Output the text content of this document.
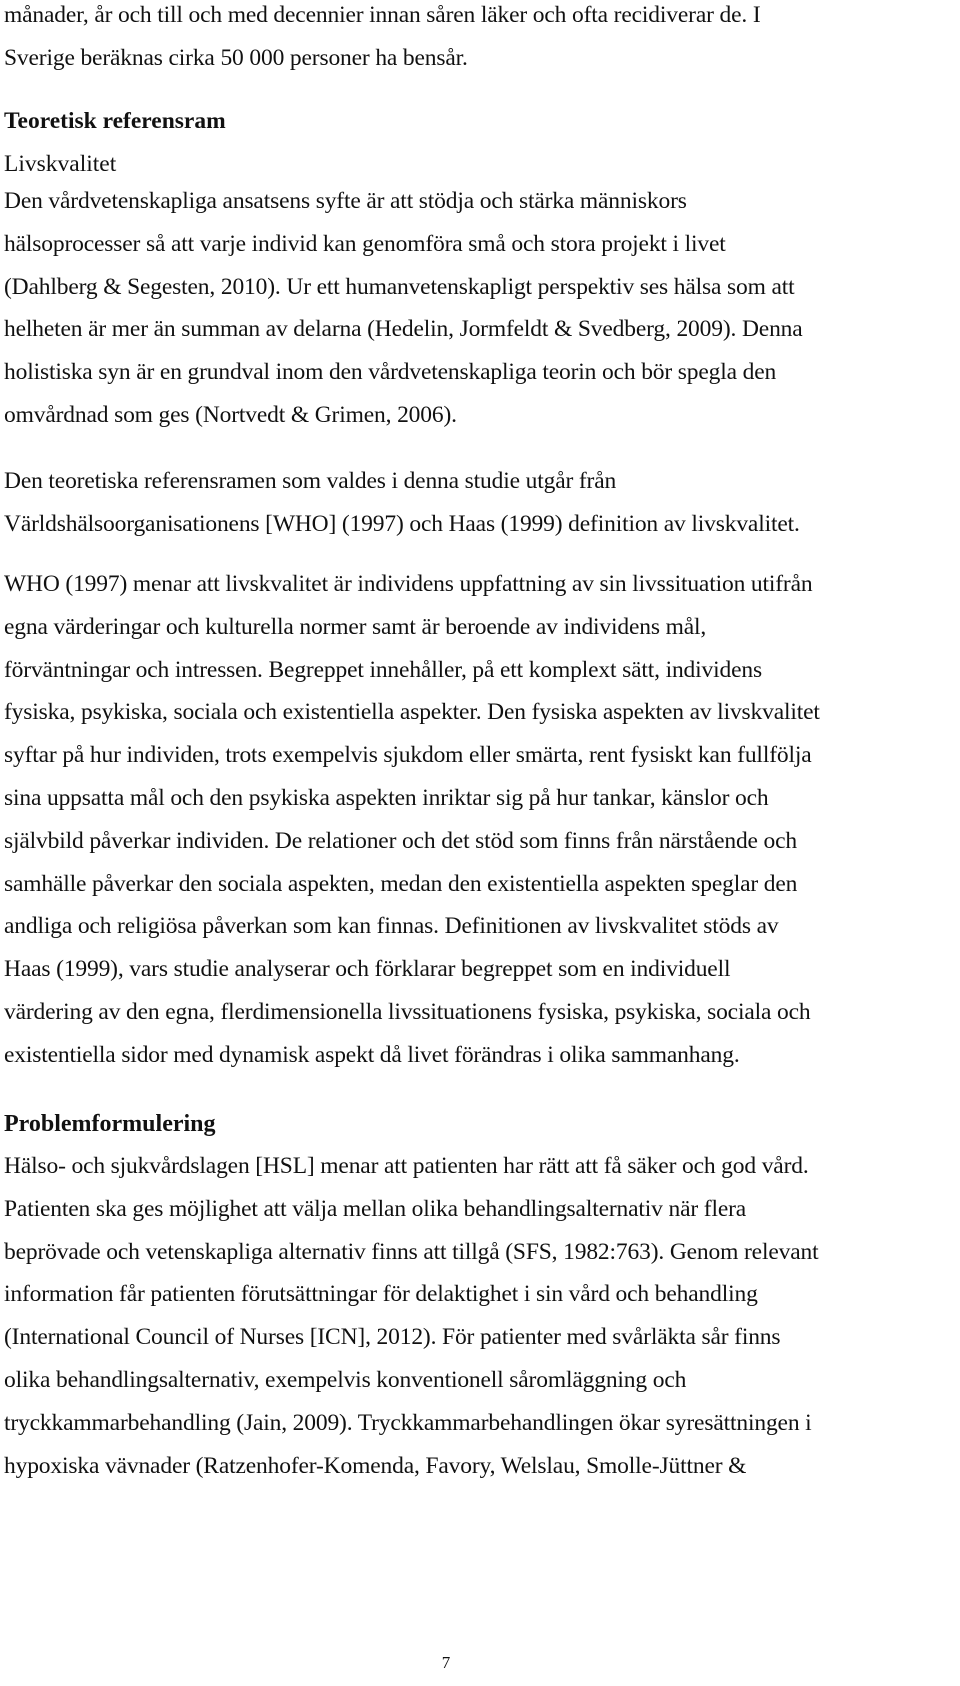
månader, år och till och med decennier innan såren läker och ofta recidiverar de. I
Sverige beräknas cirka 50 000 personer ha bensår.
Teoretisk referensram
Livskvalitet
Den vårdvetenskapliga ansatsens syfte är att stödja och stärka människors
hälsoprocesser så att varje individ kan genomföra små och stora projekt i livet
(Dahlberg & Segesten, 2010). Ur ett humanvetenskapligt perspektiv ses hälsa som att
helheten är mer än summan av delarna (Hedelin, Jormfeldt & Svedberg, 2009). Denna
holistiska syn är en grundval inom den vårdvetenskapliga teorin och bör spegla den
omvårdnad som ges (Nortvedt & Grimen, 2006).
Den teoretiska referensramen som valdes i denna studie utgår från
Världshälsoorganisationens [WHO] (1997) och Haas (1999) definition av livskvalitet.
WHO (1997) menar att livskvalitet är individens uppfattning av sin livssituation utifrån
egna värderingar och kulturella normer samt är beroende av individens mål,
förväntningar och intressen. Begreppet innehåller, på ett komplext sätt, individens
fysiska, psykiska, sociala och existentiella aspekter. Den fysiska aspekten av livskvalitet
syftar på hur individen, trots exempelvis sjukdom eller smärta, rent fysiskt kan fullfölja
sina uppsatta mål och den psykiska aspekten inriktar sig på hur tankar, känslor och
självbild påverkar individen. De relationer och det stöd som finns från närstående och
samhälle påverkar den sociala aspekten, medan den existentiella aspekten speglar den
andliga och religiösa påverkan som kan finnas. Definitionen av livskvalitet stöds av
Haas (1999), vars studie analyserar och förklarar begreppet som en individuell
värdering av den egna, flerdimensionella livssituationens fysiska, psykiska, sociala och
existentiella sidor med dynamisk aspekt då livet förändras i olika sammanhang.
Problemformulering
Hälso- och sjukvårdslagen [HSL] menar att patienten har rätt att få säker och god vård.
Patienten ska ges möjlighet att välja mellan olika behandlingsalternativ när flera
beprövade och vetenskapliga alternativ finns att tillgå (SFS, 1982:763). Genom relevant
information får patienten förutsättningar för delaktighet i sin vård och behandling
(International Council of Nurses [ICN], 2012). För patienter med svårläkta sår finns
olika behandlingsalternativ, exempelvis konventionell såromläggning och
tryckkammarbehandling (Jain, 2009). Tryckkammarbehandlingen ökar syresättningen i
hypoxiska vävnader (Ratzenhofer-Komenda, Favory, Welslau, Smolle-Jüttner &
7
